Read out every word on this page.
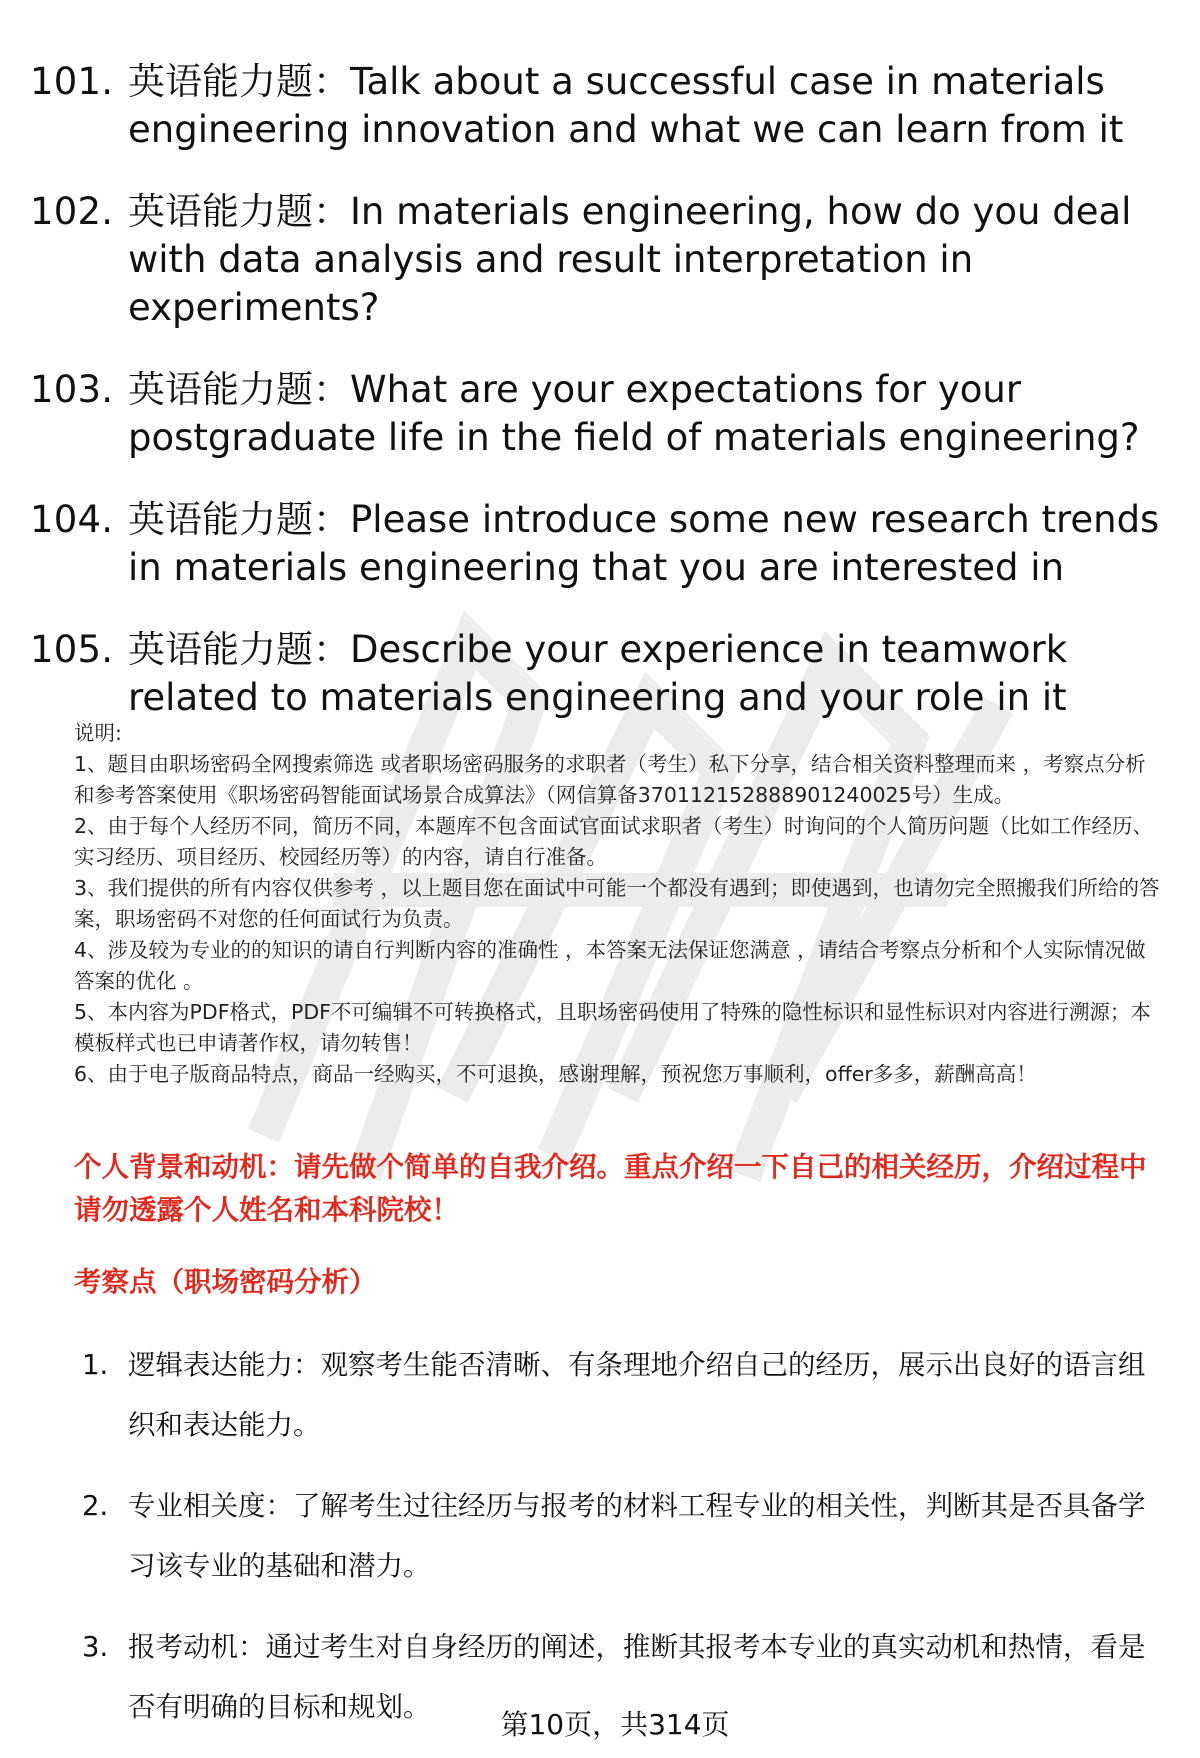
101. 英语能力题：Talk about a successful case in materials engineering innovation and what we can learn from it
102. 英语能力题：In materials engineering, how do you deal with data analysis and result interpretation in experiments?
103. 英语能力题：What are your expectations for your postgraduate life in the field of materials engineering?
104. 英语能力题：Please introduce some new research trends in materials engineering that you are interested in
105. 英语能力题：Describe your experience in teamwork related to materials engineering and your role in it

说明:

1、题目由职场密码全网搜索筛选 或者职场密码服务的求职者（考生）私下分享，结合相关资料整理而来 ，考察点分析和参考答案使用《职场密码智能面试场景合成算法》（网信算备370112152888901240025号）生成。

2、由于每个人经历不同，简历不同，本题库不包含面试官面试求职者（考生）时询问的个人简历问题（比如工作经历、实习经历、项目经历、校园经历等）的内容，请自行准备。

3、我们提供的所有内容仅供参考 ，以上题目您在面试中可能一个都没有遇到；即使遇到，也请勿完全照搬我们所给的答案，职场密码不对您的任何面试行为负责。

4、涉及较为专业的的知识的请自行判断内容的准确性 ，本答案无法保证您满意 ，请结合考察点分析和个人实际情况做答案的优化 。

5、本内容为PDF格式，PDF不可编辑不可转换格式，且职场密码使用了特殊的隐性标识和显性标识对内容进行溯源；本模板样式也已申请著作权，请勿转售！

6、由于电子版商品特点，商品一经购买，不可退换，感谢理解，预祝您万事顺利，offer多多，薪酬高高！

个人背景和动机：请先做个简单的自我介绍。重点介绍一下自己的相关经历，介绍过程中请勿透露个人姓名和本科院校！
考察点（职场密码分析）
1. 逻辑表达能力：观察考生能否清晰、有条理地介绍自己的经历，展示出良好的语言组织和表达能力。
2. 专业相关度：了解考生过往经历与报考的材料工程专业的相关性，判断其是否具备学习该专业的基础和潜力。
3. 报考动机：通过考生对自身经历的阐述，推断其报考本专业的真实动机和热情，看是否有明确的目标和规划。
第10页，共314页
